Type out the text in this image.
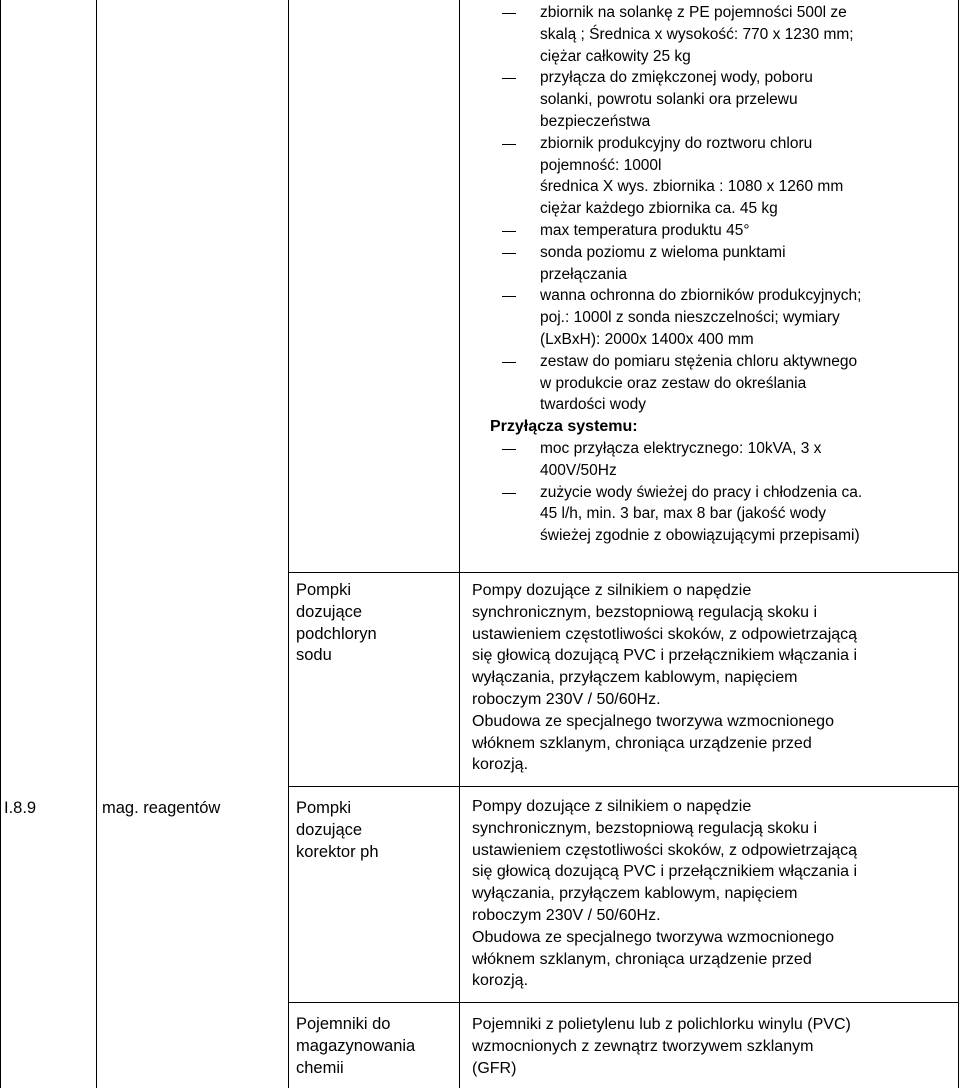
zbiornik na solankę z PE pojemności 500l ze
skalą ; Średnica x wysokość: 770 x 1230 mm;
ciężar całkowity 25 kg
przyłącza do zmiękczonej wody, poboru
solanki, powrotu solanki ora przelewu
bezpieczeństwa
zbiornik produkcyjny do roztworu chloru
pojemność: 1000l
średnica X wys. zbiornika : 1080 x 1260 mm
ciężar każdego zbiornika ca. 45 kg
max temperatura produktu 45°
sonda poziomu z wieloma punktami
przełączania
wanna ochronna do zbiorników produkcyjnych;
poj.: 1000l z sonda nieszczelności; wymiary
(LxBxH): 2000x 1400x 400 mm
zestaw do pomiaru stężenia chloru aktywnego
w produkcie oraz zestaw do określania
twardości wody
Przyłącza systemu:
moc przyłącza elektrycznego: 10kVA, 3 x
400V/50Hz
zużycie wody świeżej do pracy i chłodzenia ca.
45 l/h, min. 3 bar, max 8 bar (jakość wody
świeżej zgodnie z obowiązującymi przepisami)
I.8.9	mag. reagentów
Pompki
dozujące
podchloryn
sodu
Pompy dozujące z silnikiem o napędzie
synchronicznym, bezstopniową regulacją skoku i
ustawieniem częstotliwości skoków, z odpowietrzającą
się głowicą dozującą PVC i przełącznikiem włączania i
wyłączania, przyłączem kablowym, napięciem
roboczym 230V / 50/60Hz.
Obudowa ze specjalnego tworzywa wzmocnionego
włóknem szklanym, chroniąca urządzenie przed
korozją.
Pompki
dozujące
korektor ph
Pompy dozujące z silnikiem o napędzie
synchronicznym, bezstopniową regulacją skoku i
ustawieniem częstotliwości skoków, z odpowietrzającą
się głowicą dozującą PVC i przełącznikiem włączania i
wyłączania, przyłączem kablowym, napięciem
roboczym 230V / 50/60Hz.
Obudowa ze specjalnego tworzywa wzmocnionego
włóknem szklanym, chroniąca urządzenie przed
korozją.
Pojemniki do
magazynowania
chemii
Pojemniki z polietylenu lub z polichlorku winylu (PVC)
wzmocnionych z zewnątrz tworzywem szklanym
(GFR)
